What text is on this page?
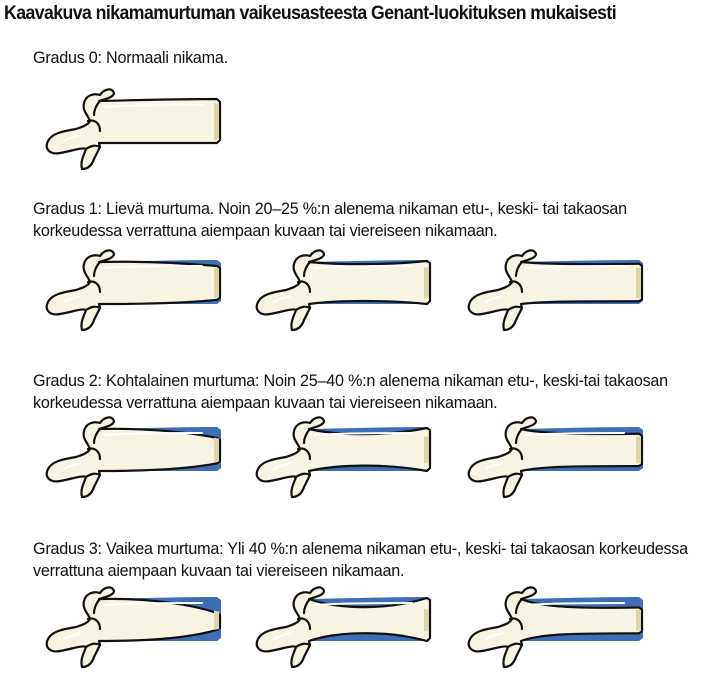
Kaavakuva nikamamurtuman vaikeusasteesta Genant-luokituksen mukaisesti
Gradus 0: Normaali nikama.
Gradus 1: Lievä murtuma. Noin 20–25 %:n alenema nikaman etu-, keski- tai takaosan korkeudessa verrattuna aiempaan kuvaan tai viereiseen nikamaan.
Gradus 2: Kohtalainen murtuma: Noin 25–40 %:n alenema nikaman etu-, keski-tai takaosan korkeudessa verrattuna aiempaan kuvaan tai viereiseen nikamaan.
Gradus 3: Vaikea murtuma: Yli 40 %:n alenema nikaman etu-, keski- tai takaosan korkeudessa verrattuna aiempaan kuvaan tai viereiseen nikamaan.
